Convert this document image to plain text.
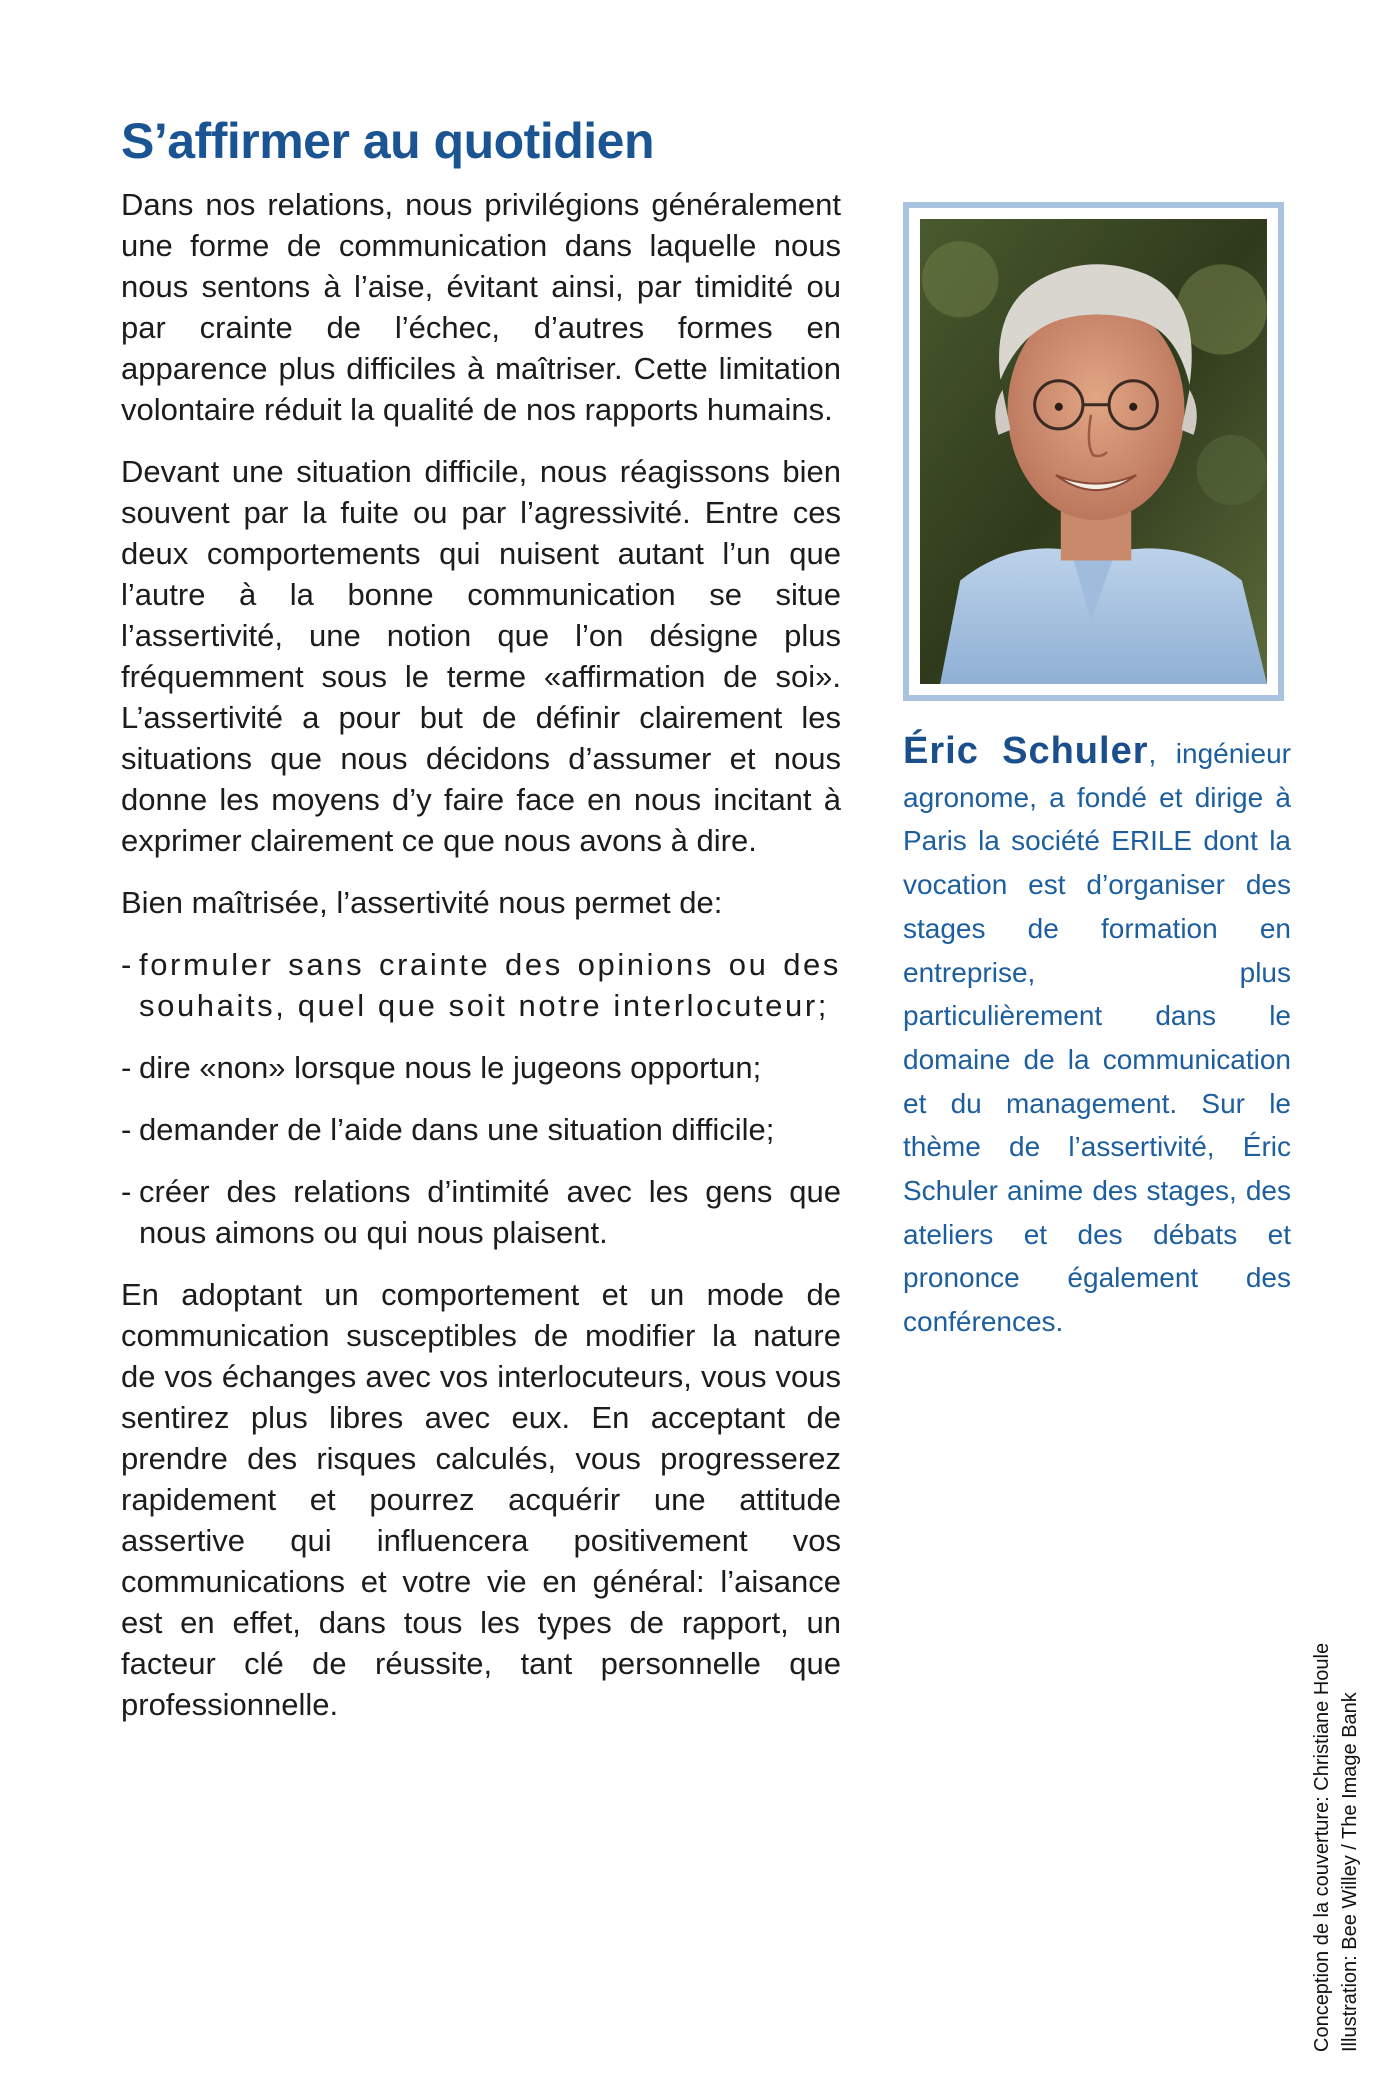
S’affirmer au quotidien

Dans nos relations, nous privilégions généralement une forme de communication dans laquelle nous nous sentons à l’aise, évitant ainsi, par timidité ou par crainte de l’échec, d’autres formes en apparence plus difficiles à maîtriser. Cette limitation volontaire réduit la qualité de nos rapports humains.

Devant une situation difficile, nous réagissons bien souvent par la fuite ou par l’agressivité. Entre ces deux comportements qui nuisent autant l’un que l’autre à la bonne communication se situe l’assertivité, une notion que l’on désigne plus fréquemment sous le terme «affirmation de soi». L’assertivité a pour but de définir clairement les situations que nous décidons d’assumer et nous donne les moyens d’y faire face en nous incitant à exprimer clairement ce que nous avons à dire.

Bien maîtrisée, l’assertivité nous permet de:

- formuler sans crainte des opinions ou des souhaits, quel que soit notre interlocuteur;
- dire «non» lorsque nous le jugeons opportun;
- demander de l’aide dans une situation difficile;
- créer des relations d’intimité avec les gens que nous aimons ou qui nous plaisent.

En adoptant un comportement et un mode de communication susceptibles de modifier la nature de vos échanges avec vos interlocuteurs, vous vous sentirez plus libres avec eux. En acceptant de prendre des risques calculés, vous progresserez rapidement et pourrez acquérir une attitude assertive qui influencera positivement vos communications et votre vie en général: l’aisance est en effet, dans tous les types de rapport, un facteur clé de réussite, tant personnelle que professionnelle.

Éric Schuler, ingénieur agronome, a fondé et dirige à Paris la société ERILE dont la vocation est d’organiser des stages de formation en entreprise, plus particulièrement dans le domaine de la communication et du management. Sur le thème de l’assertivité, Éric Schuler anime des stages, des ateliers et des débats et prononce également des conférences.

Conception de la couverture: Christiane Houle Illustration: Bee Willey / The Image Bank
